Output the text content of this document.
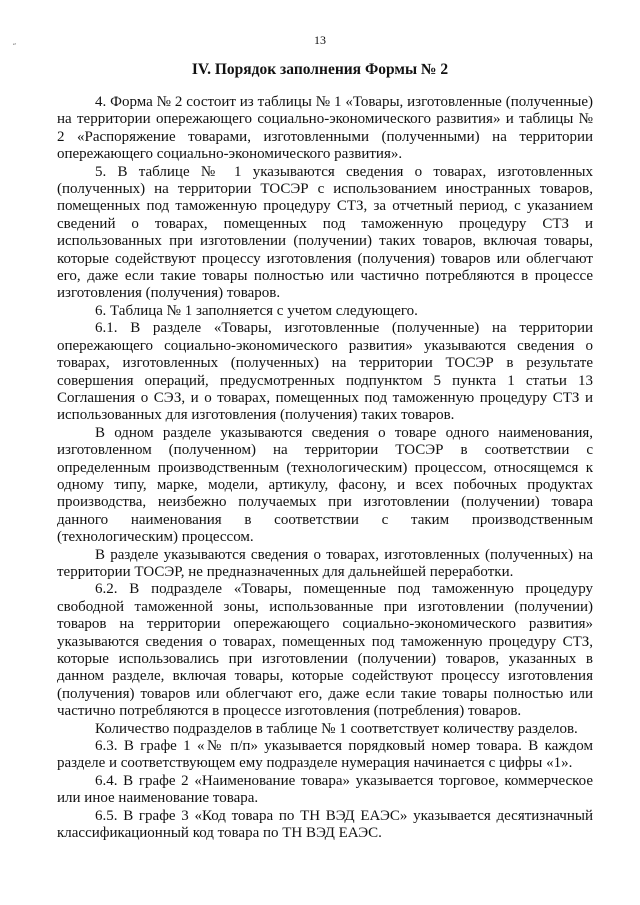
˝	13
IV. Порядок заполнения Формы № 2

4. Форма № 2 состоит из таблицы № 1 «Товары, изготовленные (полученные) на территории опережающего социально-экономического развития» и таблицы № 2 «Распоряжение товарами, изготовленными (полученными) на территории опережающего социально-экономического развития».

5. В таблице № 1 указываются сведения о товарах, изготовленных (полученных) на территории ТОСЭР с использованием иностранных товаров, помещенных под таможенную процедуру СТЗ, за отчетный период, с указанием сведений о товарах, помещенных под таможенную процедуру СТЗ и использованных при изготовлении (получении) таких товаров, включая товары, которые содействуют процессу изготовления (получения) товаров или облегчают его, даже если такие товары полностью или частично потребляются в процессе изготовления (получения) товаров.

6. Таблица № 1 заполняется с учетом следующего.

6.1. В разделе «Товары, изготовленные (полученные) на территории опережающего социально-экономического развития» указываются сведения о товарах, изготовленных (полученных) на территории ТОСЭР в результате совершения операций, предусмотренных подпунктом 5 пункта 1 статьи 13 Соглашения о СЭЗ, и о товарах, помещенных под таможенную процедуру СТЗ и использованных для изготовления (получения) таких товаров.

В одном разделе указываются сведения о товаре одного наименования, изготовленном (полученном) на территории ТОСЭР в соответствии с определенным производственным (технологическим) процессом, относящемся к одному типу, марке, модели, артикулу, фасону, и всех побочных продуктах производства, неизбежно получаемых при изготовлении (получении) товара данного наименования в соответствии с таким производственным (технологическим) процессом.

В разделе указываются сведения о товарах, изготовленных (полученных) на территории ТОСЭР, не предназначенных для дальнейшей переработки.

6.2. В подразделе «Товары, помещенные под таможенную процедуру свободной таможенной зоны, использованные при изготовлении (получении) товаров на территории опережающего социально-экономического развития» указываются сведения о товарах, помещенных под таможенную процедуру СТЗ, которые использовались при изготовлении (получении) товаров, указанных в данном разделе, включая товары, которые содействуют процессу изготовления (получения) товаров или облегчают его, даже если такие товары полностью или частично потребляются в процессе изготовления (потребления) товаров.

Количество подразделов в таблице № 1 соответствует количеству разделов.

6.3. В графе 1 «№ п/п» указывается порядковый номер товара. В каждом разделе и соответствующем ему подразделе нумерация начинается с цифры «1».

6.4. В графе 2 «Наименование товара» указывается торговое, коммерческое или иное наименование товара.

6.5. В графе 3 «Код товара по ТН ВЭД ЕАЭС» указывается десятизначный классификационный код товара по ТН ВЭД ЕАЭС.
